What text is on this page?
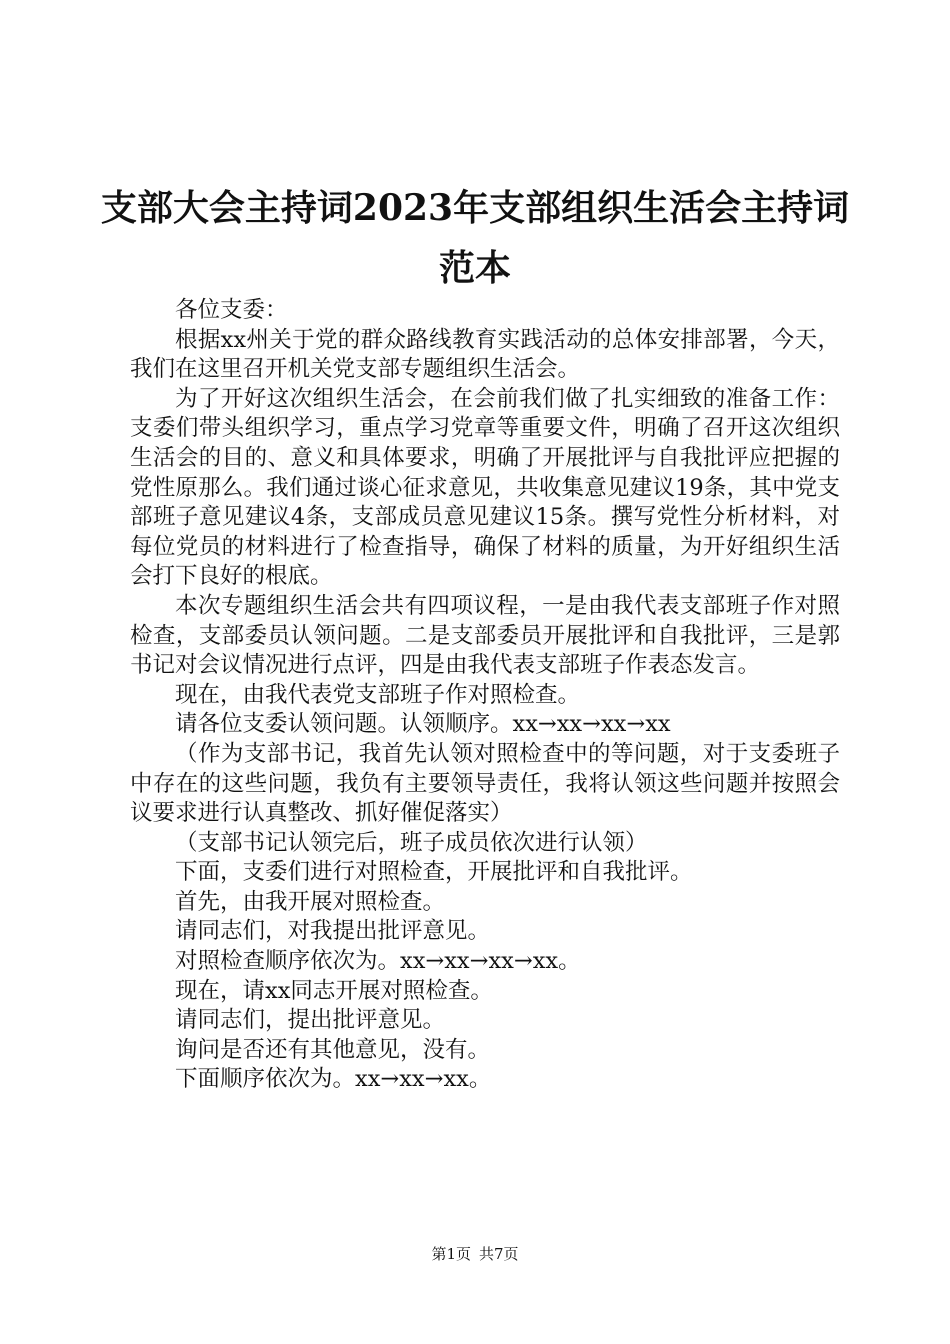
支部大会主持词2023年支部组织生活会主持词范本

各位支委：

根据xx州关于党的群众路线教育实践活动的总体安排部署，今天，我们在这里召开机关党支部专题组织生活会。

为了开好这次组织生活会，在会前我们做了扎实细致的准备工作：支委们带头组织学习，重点学习党章等重要文件，明确了召开这次组织生活会的目的、意义和具体要求，明确了开展批评与自我批评应把握的党性原那么。我们通过谈心征求意见，共收集意见建议19条，其中党支部班子意见建议4条，支部成员意见建议15条。撰写党性分析材料，对每位党员的材料进行了检查指导，确保了材料的质量，为开好组织生活会打下良好的根底。

本次专题组织生活会共有四项议程，一是由我代表支部班子作对照检查，支部委员认领问题。二是支部委员开展批评和自我批评，三是郭书记对会议情况进行点评，四是由我代表支部班子作表态发言。

现在，由我代表党支部班子作对照检查。

请各位支委认领问题。认领顺序。xx→xx→xx→xx

（作为支部书记，我首先认领对照检查中的等问题，对于支委班子中存在的这些问题，我负有主要领导责任，我将认领这些问题并按照会议要求进行认真整改、抓好催促落实）

（支部书记认领完后，班子成员依次进行认领）

下面，支委们进行对照检查，开展批评和自我批评。

首先，由我开展对照检查。

请同志们，对我提出批评意见。

对照检查顺序依次为。xx→xx→xx→xx。

现在，请xx同志开展对照检查。

请同志们，提出批评意见。

询问是否还有其他意见，没有。

下面顺序依次为。xx→xx→xx。

第1页 共7页
